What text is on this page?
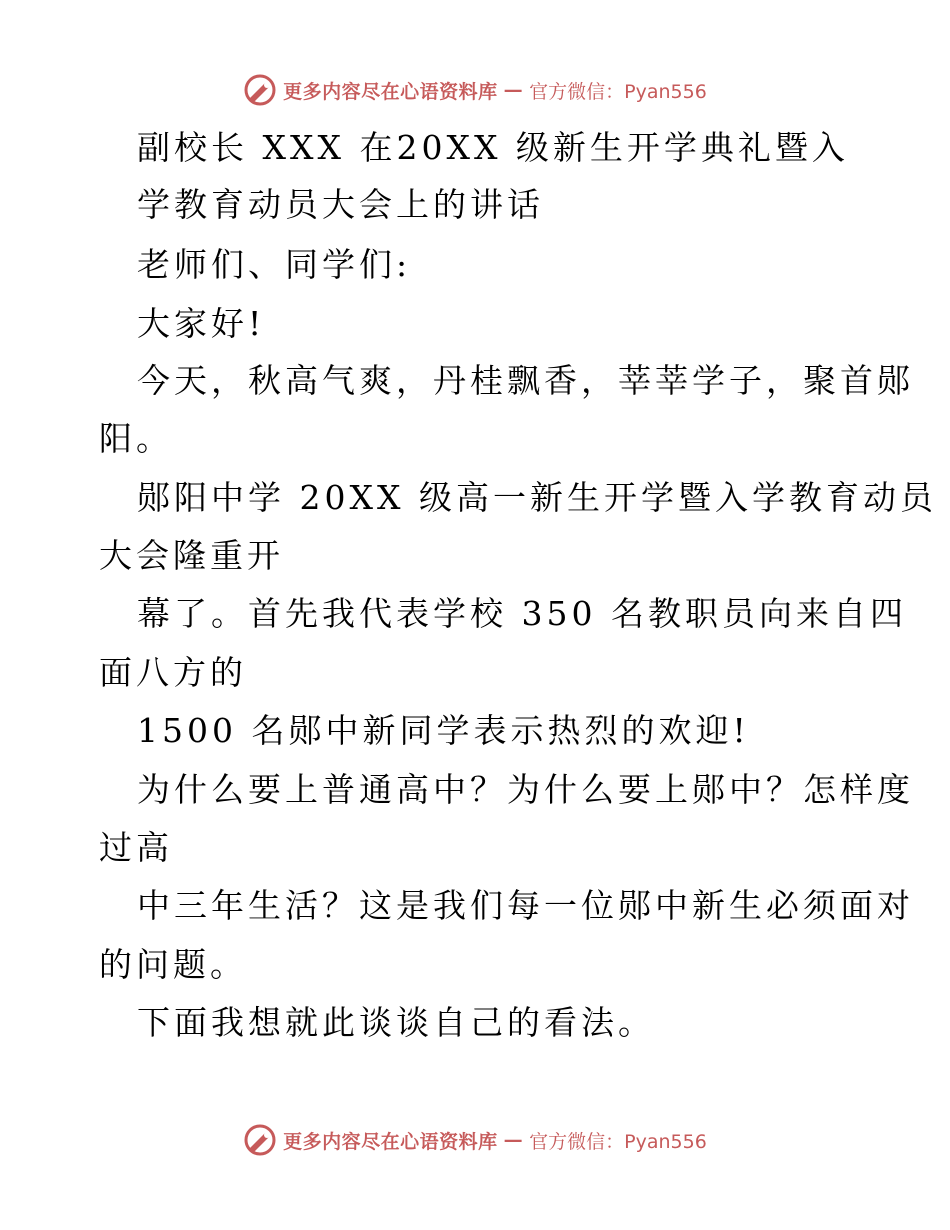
更多内容尽在心语资料库 — 官方微信：Pyan556
副校长 XXX 在20XX 级新生开学典礼暨入
学教育动员大会上的讲话
老师们、同学们:
大家好!
今天，秋高气爽，丹桂飘香，莘莘学子，聚首郧
阳。
郧阳中学 20XX 级高一新生开学暨入学教育动员
大会隆重开
幕了。首先我代表学校 350 名教职员向来自四
面八方的
1500 名郧中新同学表示热烈的欢迎!
为什么要上普通高中？为什么要上郧中？怎样度
过高
中三年生活？这是我们每一位郧中新生必须面对
的问题。
下面我想就此谈谈自己的看法。
更多内容尽在心语资料库 — 官方微信：Pyan556
